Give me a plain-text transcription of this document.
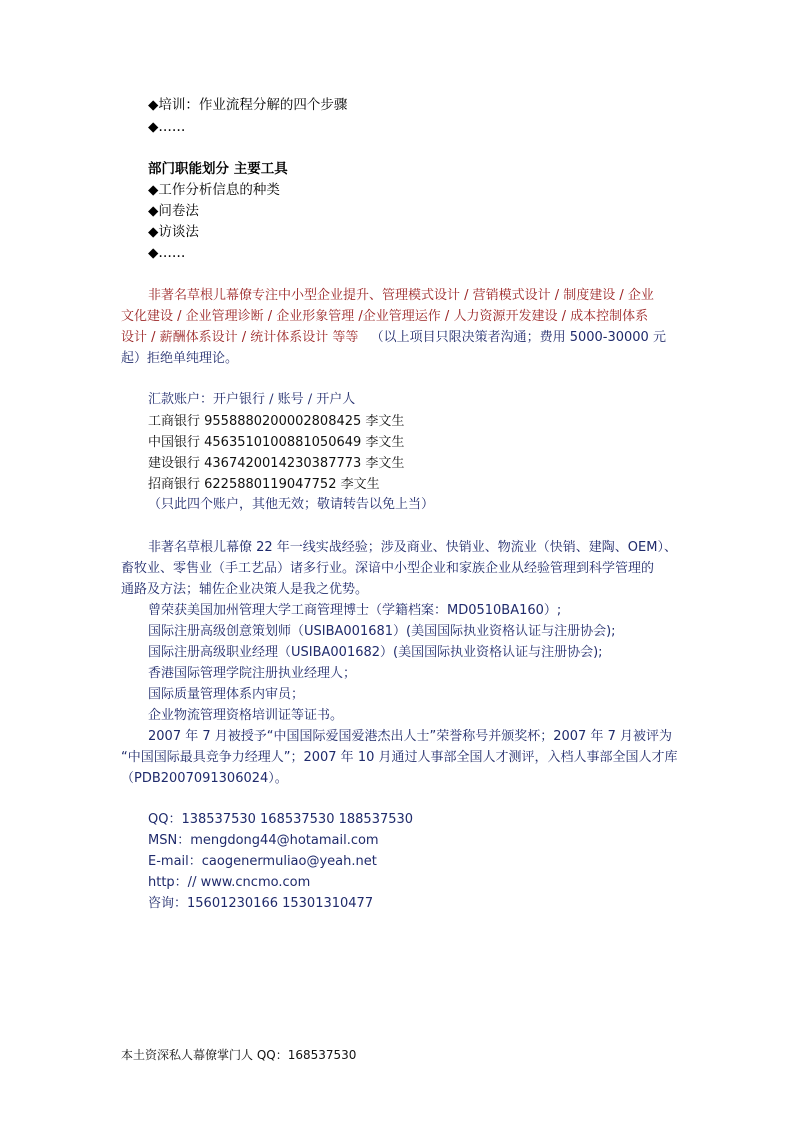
◆培训：作业流程分解的四个步骤
◆……
部门职能划分 主要工具
◆工作分析信息的种类
◆问卷法
◆访谈法
◆……
非著名草根儿幕僚专注中小型企业提升、管理模式设计 / 营销模式设计 / 制度建设 / 企业
文化建设 / 企业管理诊断 / 企业形象管理 /企业管理运作 / 人力资源开发建设 / 成本控制体系
设计 / 薪酬体系设计 / 统计体系设计 等等 （以上项目只限决策者沟通；费用 5000-30000 元
起）拒绝单纯理论。
汇款账户：开户银行 / 账号 / 开户人
工商银行 9558880200002808425 李文生
中国银行 4563510100881050649 李文生
建设银行 4367420014230387773 李文生
招商银行 6225880119047752 李文生
（只此四个账户，其他无效；敬请转告以免上当）
非著名草根儿幕僚 22 年一线实战经验；涉及商业、快销业、物流业（快销、建陶、OEM）、
畜牧业、零售业（手工艺品）诸多行业。深谙中小型企业和家族企业从经验管理到科学管理的
通路及方法；辅佐企业决策人是我之优势。
曾荣获美国加州管理大学工商管理博士（学籍档案：MD0510BA160）;
国际注册高级创意策划师（USIBA001681）(美国国际执业资格认证与注册协会);
国际注册高级职业经理（USIBA001682）(美国国际执业资格认证与注册协会);
香港国际管理学院注册执业经理人；
国际质量管理体系内审员；
企业物流管理资格培训证等证书。
2007 年 7 月被授予“中国国际爱国爱港杰出人士”荣誉称号并颁奖杯；2007 年 7 月被评为
“中国国际最具竞争力经理人”；2007 年 10 月通过人事部全国人才测评，入档人事部全国人才库
（PDB2007091306024）。
QQ：138537530 168537530 188537530
MSN：mengdong44@hotamail.com
E-mail：caogenermuliao@yeah.net
http：// www.cncmo.com
咨询：15601230166 15301310477
本土资深私人幕僚掌门人 QQ：168537530
